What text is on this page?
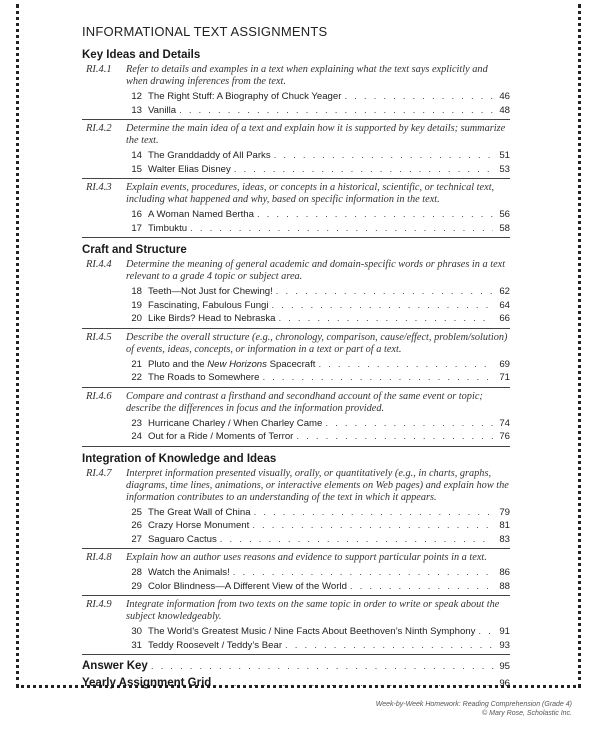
INFORMATIONAL TEXT ASSIGNMENTS
Key Ideas and Details
RI.4.1 Refer to details and examples in a text when explaining what the text says explicitly and when drawing inferences from the text.
12 The Right Stuff: A Biography of Chuck Yeager . . .	46
13 Vanilla . . .	48
RI.4.2 Determine the main idea of a text and explain how it is supported by key details; summarize the text.
14 The Granddaddy of All Parks . . .	51
15 Walter Elias Disney . . .	53
RI.4.3 Explain events, procedures, ideas, or concepts in a historical, scientific, or technical text, including what happened and why, based on specific information in the text.
16 A Woman Named Bertha . . .	56
17 Timbuktu . . .	58
Craft and Structure
RI.4.4 Determine the meaning of general academic and domain-specific words or phrases in a text relevant to a grade 4 topic or subject area.
18 Teeth—Not Just for Chewing! . . .	62
19 Fascinating, Fabulous Fungi . . .	64
20 Like Birds? Head to Nebraska . . .	66
RI.4.5 Describe the overall structure (e.g., chronology, comparison, cause/effect, problem/solution) of events, ideas, concepts, or information in a text or part of a text.
21 Pluto and the New Horizons Spacecraft . . .	69
22 The Roads to Somewhere . . .	71
RI.4.6 Compare and contrast a firsthand and secondhand account of the same event or topic; describe the differences in focus and the information provided.
23 Hurricane Charley / When Charley Came . . .	74
24 Out for a Ride / Moments of Terror . . .	76
Integration of Knowledge and Ideas
RI.4.7 Interpret information presented visually, orally, or quantitatively (e.g., in charts, graphs, diagrams, time lines, animations, or interactive elements on Web pages) and explain how the information contributes to an understanding of the text in which it appears.
25 The Great Wall of China . . .	79
26 Crazy Horse Monument . . .	81
27 Saguaro Cactus . . .	83
RI.4.8 Explain how an author uses reasons and evidence to support particular points in a text.
28 Watch the Animals! . . .	86
29 Color Blindness—A Different View of the World . . .	88
RI.4.9 Integrate information from two texts on the same topic in order to write or speak about the subject knowledgeably.
30 The World’s Greatest Music / Nine Facts About Beethoven’s Ninth Symphony . . .	91
31 Teddy Roosevelt / Teddy’s Bear . . .	93
Answer Key . . .	95
Yearly Assignment Grid . . .	96
Week-by-Week Homework: Reading Comprehension (Grade 4)
© Mary Rose, Scholastic Inc.
